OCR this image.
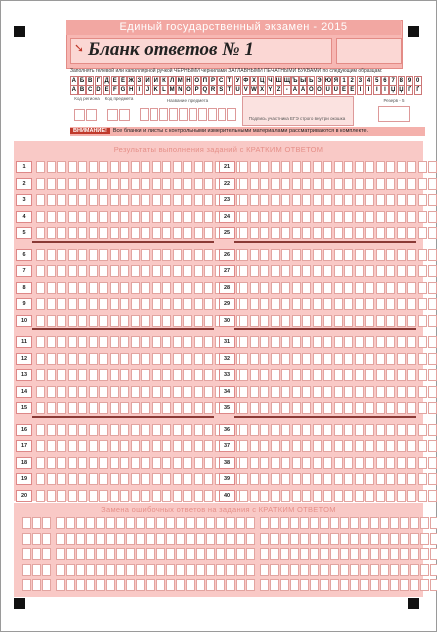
Единый государственный экзамен - 2015
➘ Бланк ответов № 1
Заполнять гелевой или капиллярной ручкой ЧЕРНЫМИ чернилами ЗАГЛАВНЫМИ ПЕЧАТНЫМИ БУКВАМИ по следующим образцам:
А Б В Г Д Е Ё Ж З И Й К Л М Н О П Р С Т У Ф Х Ц Ч Ш Щ Ъ Ы Ь Э Ю Я 1 2 3 4 5 6 7 8 9 0
A B C D E F G H I J K L M N O P Q R S T U V W X Y Z - Ä Ä Ö Ö Ü Ü Ë Ë I	I	І	І Џ Џ Ґ Ґ
Код региона	Код предмета	Название предмета
Подпись участника ЕГЭ строго внутри окошка
Резерв - 5
ВНИМАНИЕ! Все бланки и листы с контрольными измерительными материалами рассматриваются в комплекте.
Результаты выполнения заданий с КРАТКИМ ОТВЕТОМ
1	21
2	22
3	23
4	24
5	25
6	26
7	27
8	28
9	29
10	30
11	31
12	32
13	33
14	34
15	35
16	36
17	37
18	38
19	39
20	40
Замена ошибочных ответов на задания с КРАТКИМ ОТВЕТОМ
